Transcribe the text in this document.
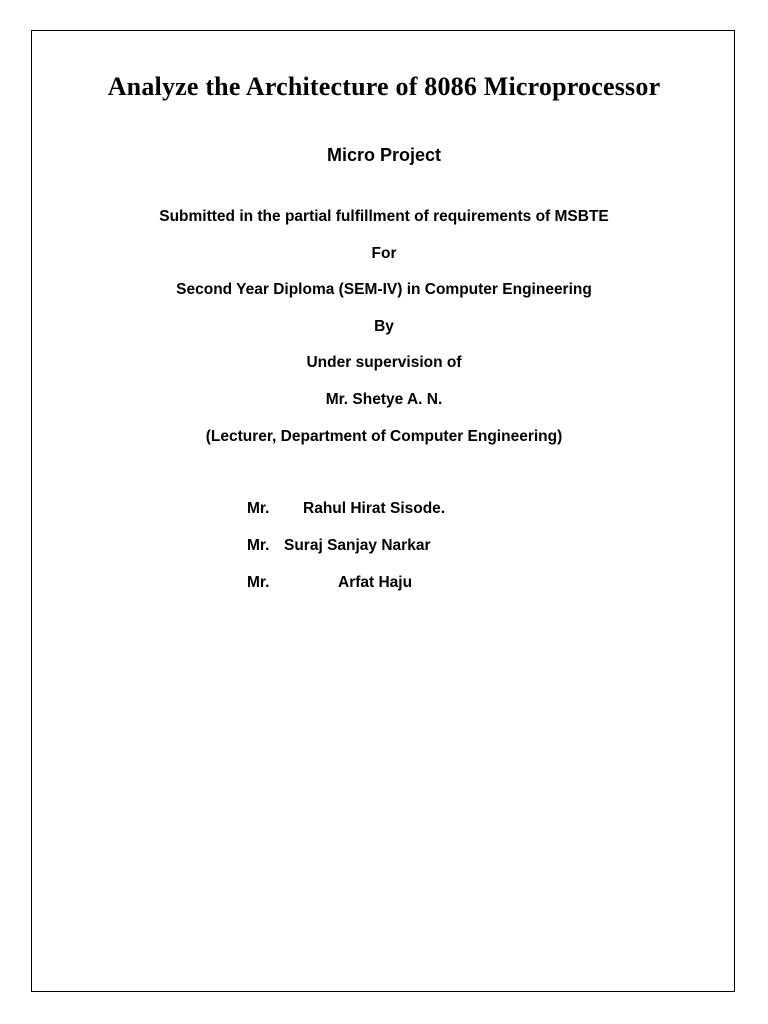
Analyze the Architecture of 8086 Microprocessor
Micro Project
Submitted in the partial fulfillment of requirements of MSBTE
For
Second Year Diploma (SEM-IV) in Computer Engineering
By
Under supervision of
Mr. Shetye A. N.
(Lecturer, Department of Computer Engineering)
Mr. Rahul Hirat Sisode.
Mr. Suraj Sanjay Narkar
Mr.	Arfat Haju
